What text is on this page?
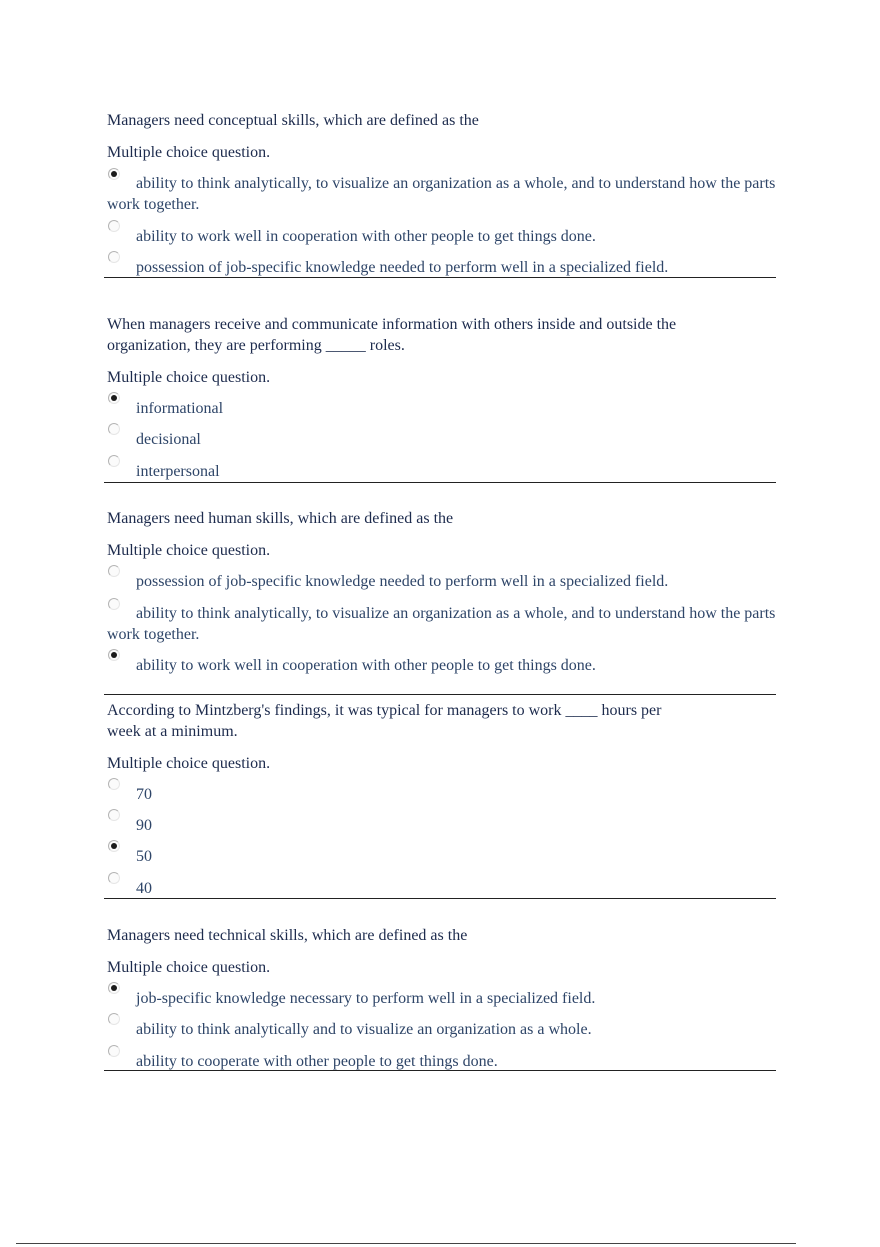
Managers need conceptual skills, which are defined as the
Multiple choice question.
ability to think analytically, to visualize an organization as a whole, and to understand how the parts work together.
ability to work well in cooperation with other people to get things done.
possession of job-specific knowledge needed to perform well in a specialized field.
When managers receive and communicate information with others inside and outside the organization, they are performing _____ roles.
Multiple choice question.
informational
decisional
interpersonal
Managers need human skills, which are defined as the
Multiple choice question.
possession of job-specific knowledge needed to perform well in a specialized field.
ability to think analytically, to visualize an organization as a whole, and to understand how the parts work together.
ability to work well in cooperation with other people to get things done.
According to Mintzberg's findings, it was typical for managers to work ____ hours per week at a minimum.
Multiple choice question.
70
90
50
40
Managers need technical skills, which are defined as the
Multiple choice question.
job-specific knowledge necessary to perform well in a specialized field.
ability to think analytically and to visualize an organization as a whole.
ability to cooperate with other people to get things done.
